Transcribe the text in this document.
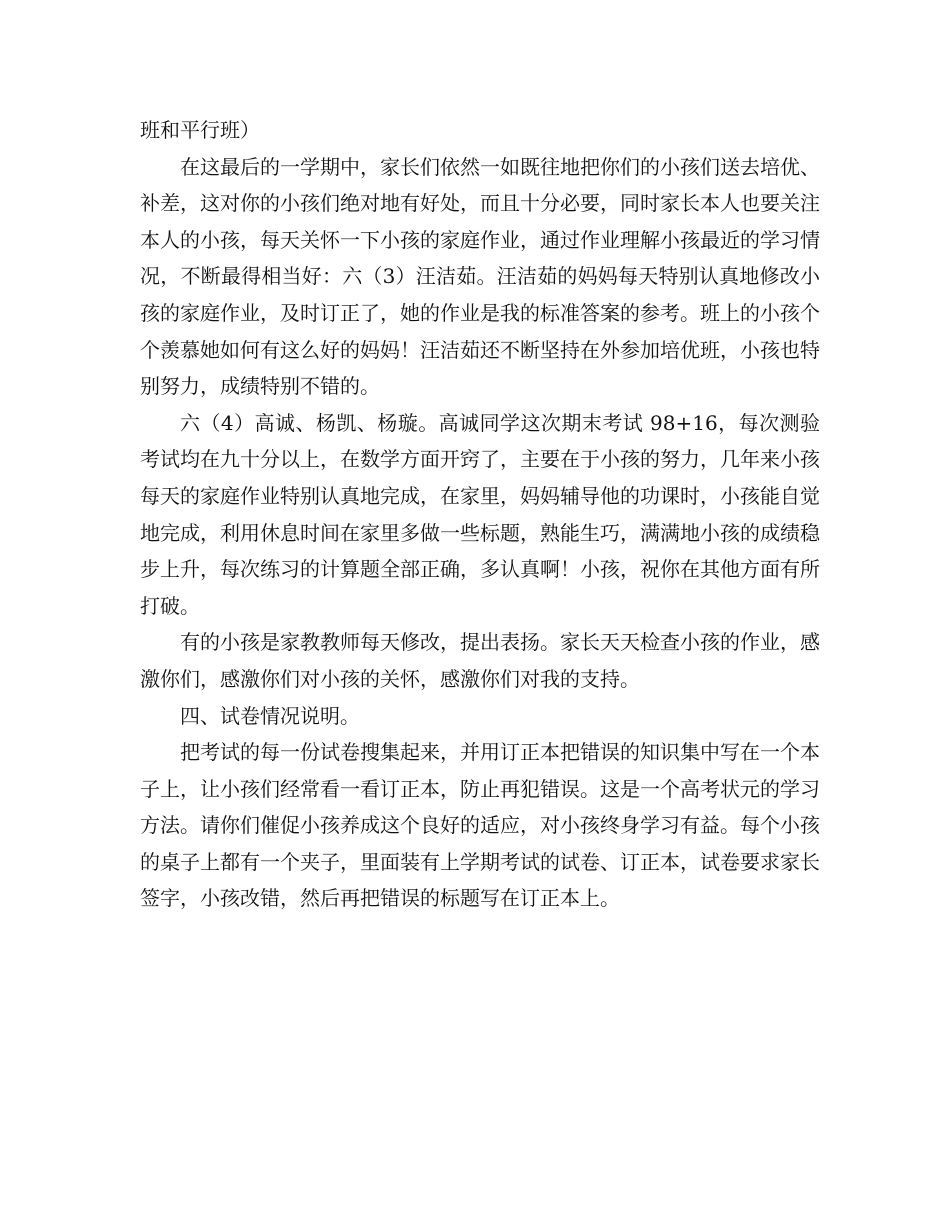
班和平行班）

在这最后的一学期中，家长们依然一如既往地把你们的小孩们送去培优、补差，这对你的小孩们绝对地有好处，而且十分必要，同时家长本人也要关注本人的小孩，每天关怀一下小孩的家庭作业，通过作业理解小孩最近的学习情况，不断最得相当好：六（3）汪洁茹。汪洁茹的妈妈每天特别认真地修改小孩的家庭作业，及时订正了，她的作业是我的标准答案的参考。班上的小孩个个羡慕她如何有这么好的妈妈！汪洁茹还不断坚持在外参加培优班，小孩也特别努力，成绩特别不错的。

六（4）高诚、杨凯、杨璇。高诚同学这次期末考试 98+16，每次测验考试均在九十分以上，在数学方面开窍了，主要在于小孩的努力，几年来小孩每天的家庭作业特别认真地完成，在家里，妈妈辅导他的功课时，小孩能自觉地完成，利用休息时间在家里多做一些标题，熟能生巧，满满地小孩的成绩稳步上升，每次练习的计算题全部正确，多认真啊！小孩，祝你在其他方面有所打破。

有的小孩是家教教师每天修改，提出表扬。家长天天检查小孩的作业，感激你们，感激你们对小孩的关怀，感激你们对我的支持。

四、试卷情况说明。

把考试的每一份试卷搜集起来，并用订正本把错误的知识集中写在一个本子上，让小孩们经常看一看订正本，防止再犯错误。这是一个高考状元的学习方法。请你们催促小孩养成这个良好的适应，对小孩终身学习有益。每个小孩的桌子上都有一个夹子，里面装有上学期考试的试卷、订正本，试卷要求家长签字，小孩改错，然后再把错误的标题写在订正本上。
